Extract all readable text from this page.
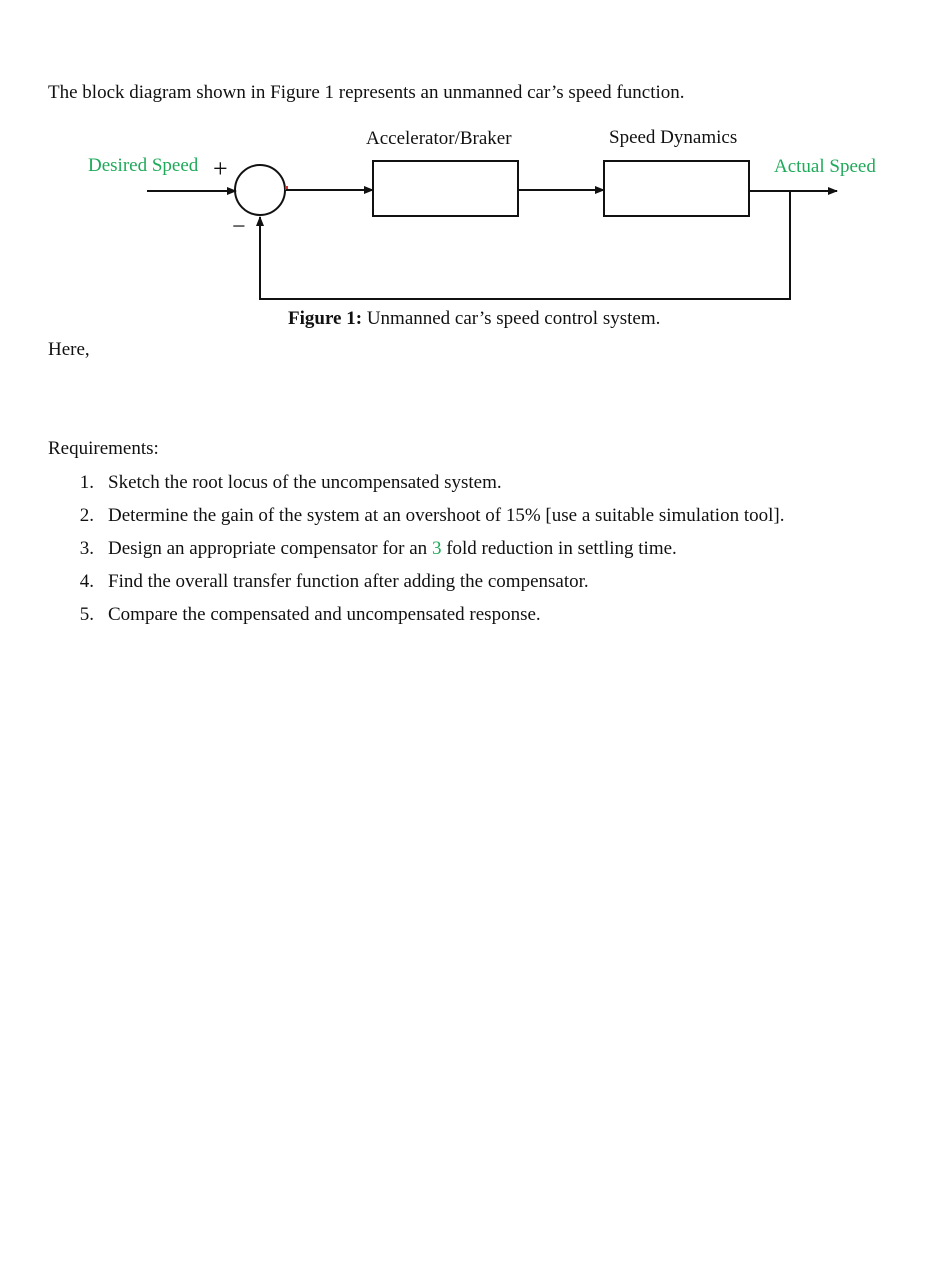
The block diagram shown in Figure 1 represents an unmanned car’s speed function.
Desired Speed	Actual Speed
Accelerator/Braker	Speed Dynamics
+
−
Figure 1: Unmanned car’s speed control system.
Here,
Requirements:
1. Sketch the root locus of the uncompensated system.
2. Determine the gain of the system at an overshoot of 15% [use a suitable simulation tool].
3. Design an appropriate compensator for an 3 fold reduction in settling time.
4. Find the overall transfer function after adding the compensator.
5. Compare the compensated and uncompensated response.
